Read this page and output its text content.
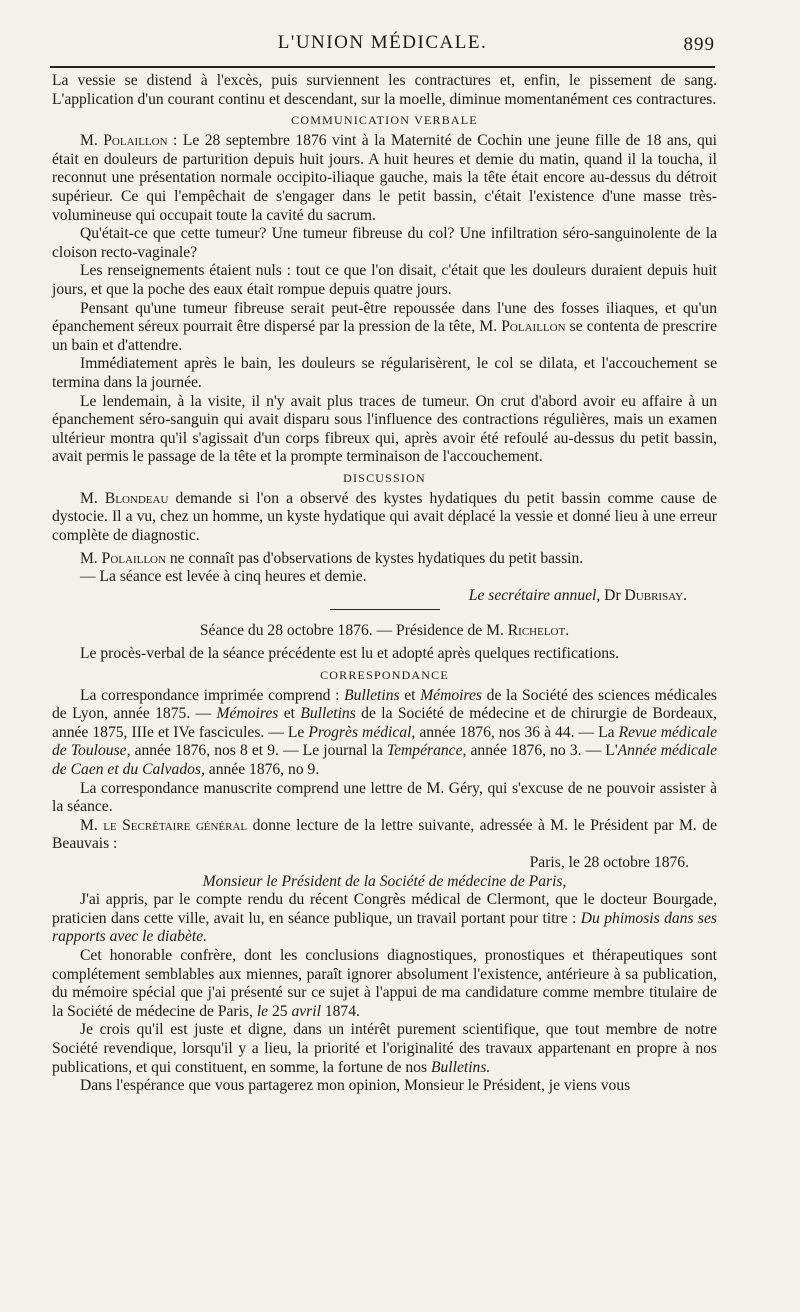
L'UNION MÉDICALE.	899

La vessie se distend à l'excès, puis surviennent les contractures et, enfin, le pissement de sang. L'application d'un courant continu et descendant, sur la moelle, diminue momentanément ces contractures.

COMMUNICATION VERBALE

M. Polaillon : Le 28 septembre 1876 vint à la Maternité de Cochin une jeune fille de 18 ans, qui était en douleurs de parturition depuis huit jours. A huit heures et demie du matin, quand il la toucha, il reconnut une présentation normale occipito-iliaque gauche, mais la tête était encore au-dessus du détroit supérieur. Ce qui l'empêchait de s'engager dans le petit bassin, c'était l'existence d'une masse très-volumineuse qui occupait toute la cavité du sacrum.

Qu'était-ce que cette tumeur? Une tumeur fibreuse du col? Une infiltration séro-sanguinolente de la cloison recto-vaginale?

Les renseignements étaient nuls : tout ce que l'on disait, c'était que les douleurs duraient depuis huit jours, et que la poche des eaux était rompue depuis quatre jours.

Pensant qu'une tumeur fibreuse serait peut-être repoussée dans l'une des fosses iliaques, et qu'un épanchement séreux pourrait être dispersé par la pression de la tête, M. Polaillon se contenta de prescrire un bain et d'attendre.

Immédiatement après le bain, les douleurs se régularisèrent, le col se dilata, et l'accouchement se termina dans la journée.

Le lendemain, à la visite, il n'y avait plus traces de tumeur. On crut d'abord avoir eu affaire à un épanchement séro-sanguin qui avait disparu sous l'influence des contractions régulières, mais un examen ultérieur montra qu'il s'agissait d'un corps fibreux qui, après avoir été refoulé au-dessus du petit bassin, avait permis le passage de la tête et la prompte terminaison de l'accouchement.

DISCUSSION

M. Blondeau demande si l'on a observé des kystes hydatiques du petit bassin comme cause de dystocie. Il a vu, chez un homme, un kyste hydatique qui avait déplacé la vessie et donné lieu à une erreur complète de diagnostic.

M. Polaillon ne connaît pas d'observations de kystes hydatiques du petit bassin.

— La séance est levée à cinq heures et demie.

Le secrétaire annuel, Dr Dubrisay.

Séance du 28 octobre 1876. — Présidence de M. Richelot.

Le procès-verbal de la séance précédente est lu et adopté après quelques rectifications.

CORRESPONDANCE

La correspondance imprimée comprend : Bulletins et Mémoires de la Société des sciences médicales de Lyon, année 1875. — Mémoires et Bulletins de la Société de médecine et de chirurgie de Bordeaux, année 1875, IIIe et IVe fascicules. — Le Progrès médical, année 1876, nos 36 à 44. — La Revue médicale de Toulouse, année 1876, nos 8 et 9. — Le journal la Tempérance, année 1876, no 3. — L'Année médicale de Caen et du Calvados, année 1876, no 9.

La correspondance manuscrite comprend une lettre de M. Géry, qui s'excuse de ne pouvoir assister à la séance.

M. le Secrétaire général donne lecture de la lettre suivante, adressée à M. le Président par M. de Beauvais :

Paris, le 28 octobre 1876.

Monsieur le Président de la Société de médecine de Paris,

J'ai appris, par le compte rendu du récent Congrès médical de Clermont, que le docteur Bourgade, praticien dans cette ville, avait lu, en séance publique, un travail portant pour titre : Du phimosis dans ses rapports avec le diabète.

Cet honorable confrère, dont les conclusions diagnostiques, pronostiques et thérapeutiques sont complétement semblables aux miennes, paraît ignorer absolument l'existence, antérieure à sa publication, du mémoire spécial que j'ai présenté sur ce sujet à l'appui de ma candidature comme membre titulaire de la Société de médecine de Paris, le 25 avril 1874.

Je crois qu'il est juste et digne, dans un intérêt purement scientifique, que tout membre de notre Société revendique, lorsqu'il y a lieu, la priorité et l'originalité des travaux appartenant en propre à nos publications, et qui constituent, en somme, la fortune de nos Bulletins.

Dans l'espérance que vous partagerez mon opinion, Monsieur le Président, je viens vous
